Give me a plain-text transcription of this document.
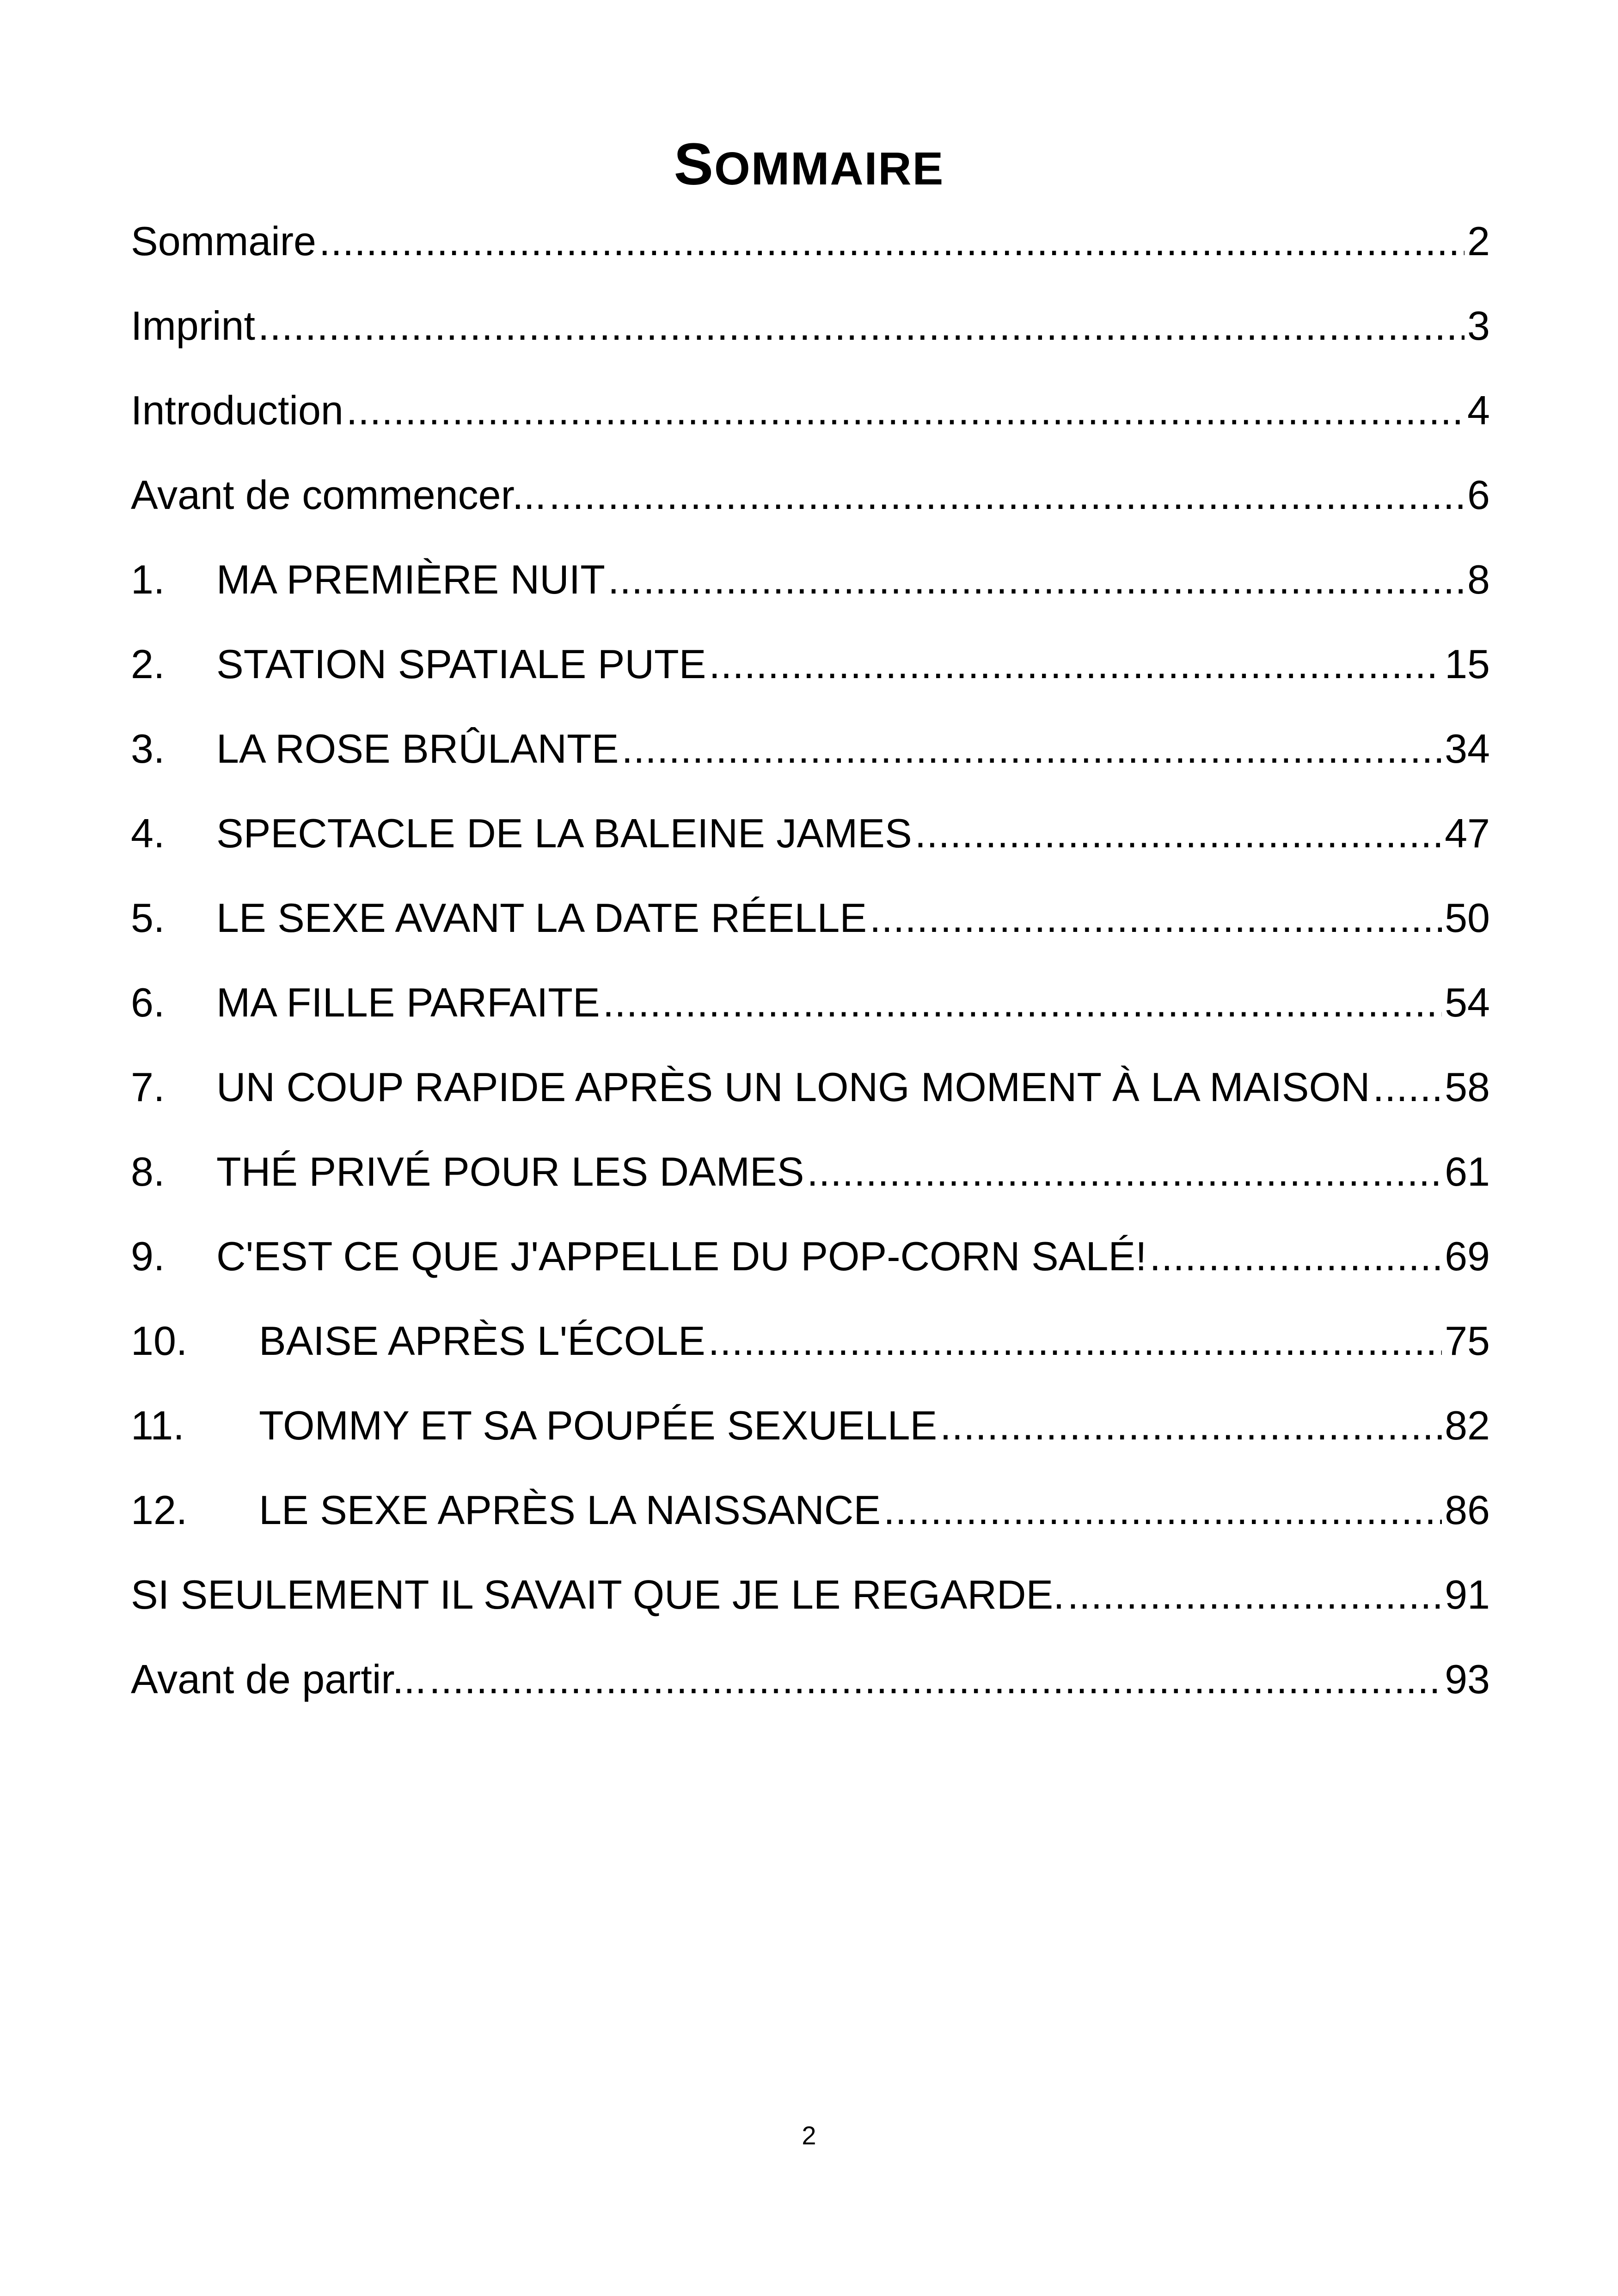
SOMMAIRE
Sommaire .....	2
Imprint .....	3
Introduction .....	4
Avant de commencer... .....	6
1.	MA PREMIÈRE NUIT .....	8
2.	STATION SPATIALE PUTE .....	15
3.	LA ROSE BRÛLANTE .....	34
4.	SPECTACLE DE LA BALEINE JAMES .....	47
5.	LE SEXE AVANT LA DATE RÉELLE .....	50
6.	MA FILLE PARFAITE .....	54
7.	UN COUP RAPIDE APRÈS UN LONG MOMENT À LA MAISON ..... 58
8.	THÉ PRIVÉ POUR LES DAMES .....	61
9.	C'EST CE QUE J'APPELLE DU POP-CORN SALÉ! .....	69
10.	BAISE APRÈS L'ÉCOLE .....	75
11.	TOMMY ET SA POUPÉE SEXUELLE .....	82
12.	LE SEXE APRÈS LA NAISSANCE .....	86
SI SEULEMENT IL SAVAIT QUE JE LE REGARDE. .....	91
Avant de partir... .....	93
2
